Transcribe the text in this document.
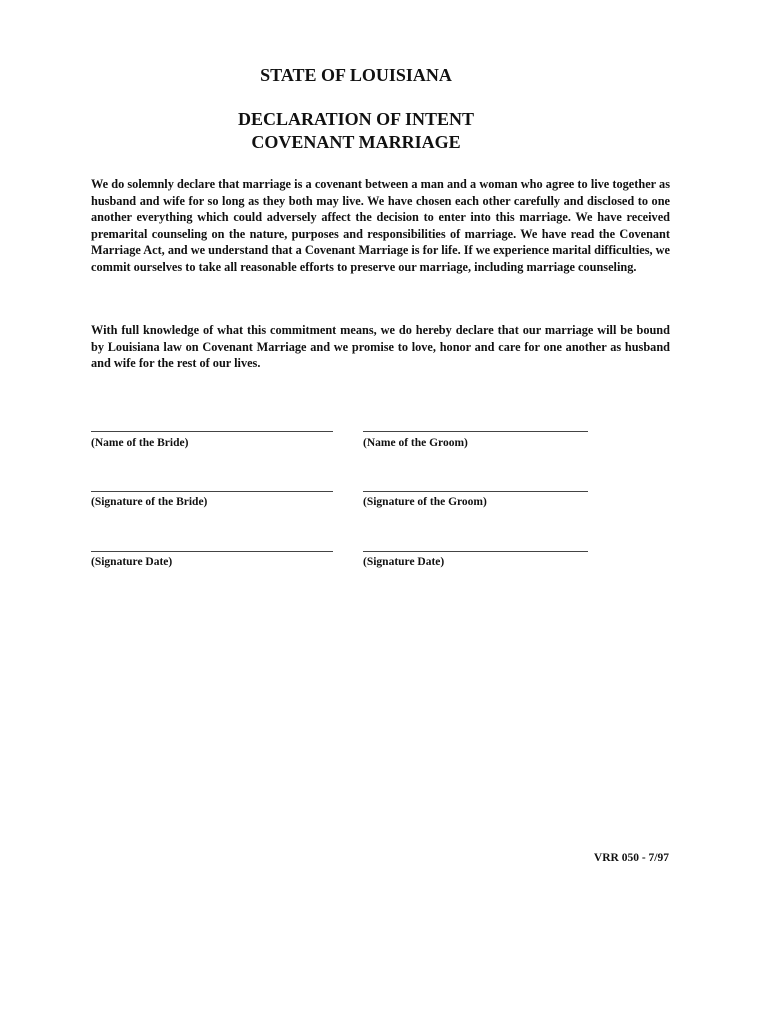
STATE OF LOUISIANA
DECLARATION OF INTENT
COVENANT MARRIAGE

We do solemnly declare that marriage is a covenant between a man and a woman who agree to live together as husband and wife for so long as they both may live. We have chosen each other carefully and disclosed to one another everything which could adversely affect the decision to enter into this marriage. We have received premarital counseling on the nature, purposes and responsibilities of marriage. We have read the Covenant Marriage Act, and we understand that a Covenant Marriage is for life. If we experience marital difficulties, we commit ourselves to take all reasonable efforts to preserve our marriage, including marriage counseling.

With full knowledge of what this commitment means, we do hereby declare that our marriage will be bound by Louisiana law on Covenant Marriage and we promise to love, honor and care for one another as husband and wife for the rest of our lives.

(Name of the Bride)	(Name of the Groom)
(Signature of the Bride)	(Signature of the Groom)
(Signature Date)	(Signature Date)
VRR 050 - 7/97
